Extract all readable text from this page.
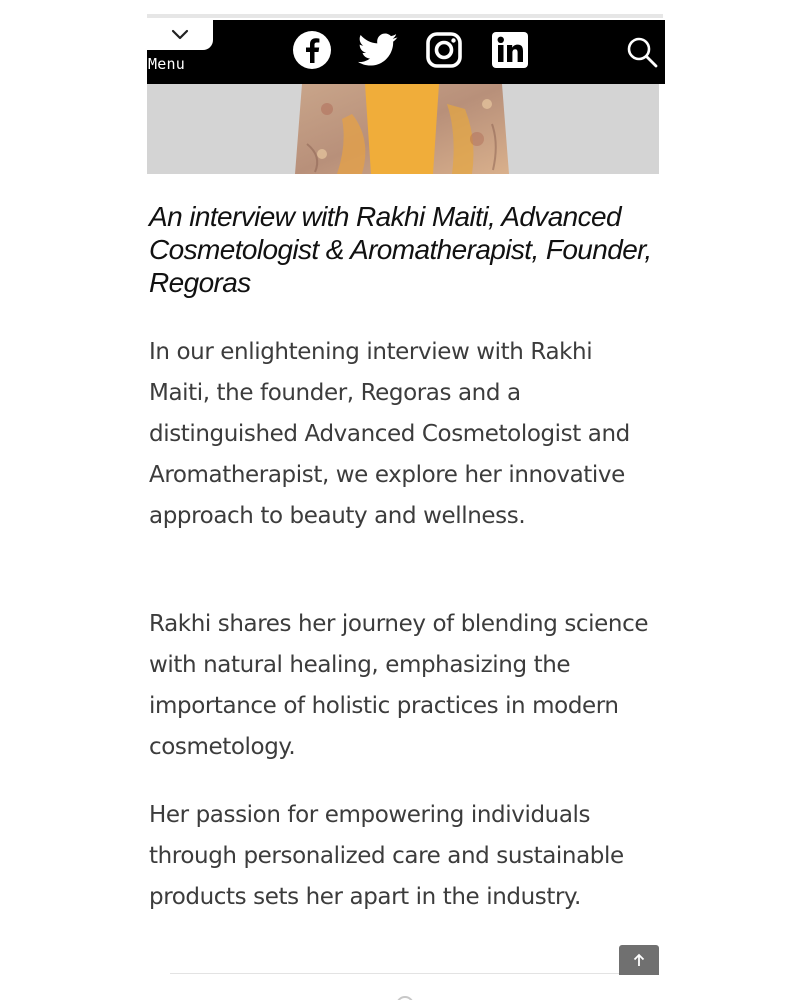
Menu
An interview with Rakhi Maiti, Advanced Cosmetologist & Aromatherapist, Founder, Regoras

In our enlightening interview with Rakhi Maiti, the founder, Regoras and a distinguished Advanced Cosmetologist and Aromatherapist, we explore her innovative approach to beauty and wellness.

Rakhi shares her journey of blending science with natural healing, emphasizing the importance of holistic practices in modern cosmetology.

Her passion for empowering individuals through personalized care and sustainable products sets her apart in the industry.
